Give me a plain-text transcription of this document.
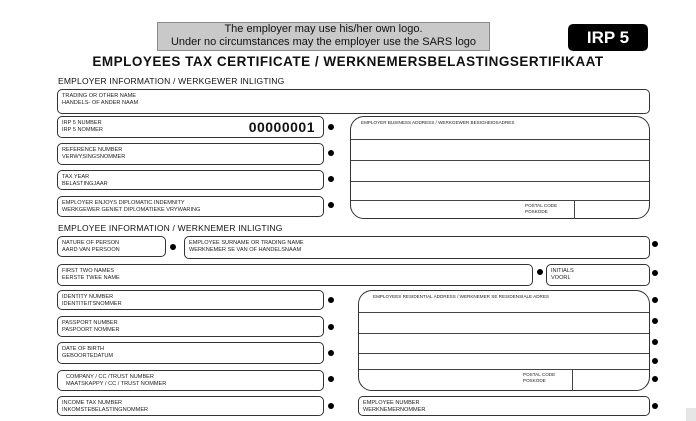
The employer may use his/her own logo.
Under no circumstances may the employer use the SARS logo	IRP 5
EMPLOYEES TAX CERTIFICATE / WERKNEMERSBELASTINGSERTIFIKAAT
EMPLOYER INFORMATION / WERKGEWER INLIGTING
TRADING OR OTHER NAME
HANDELS- OF ANDER NAAM
IRP 5 NUMBER
IRP 5 NOMMER	00000001
REFERENCE NUMBER
VERWYSINGSNOMMER
TAX YEAR
BELASTINGJAAR
EMPLOYER ENJOYS DIPLOMATIC INDEMNITY
WERKGEWER GENIET DIPLOMATIEKE VRYWARING
EMPLOYER BUSINESS ADDRESS / WERKGEWER BESIGHEIDSADRES
POSTAL CODE
POSKODE
EMPLOYEE INFORMATION / WERKNEMER INLIGTING
NATURE OF PERSON
AARD VAN PERSOON
EMPLOYEE SURNAME OR TRADING NAME
WERKNEMER SE VAN OF HANDELSNAAM
FIRST TWO NAMES
EERSTE TWEE NAME
INITIALS
VOORL
IDENTITY NUMBER
IDENTITEITSNOMMER
PASSPORT NUMBER
PASPOORT NOMMER
DATE OF BIRTH
GEBOORTEDATUM
COMPANY / CC /TRUST NUMBER
MAATSKAPPY / CC / TRUST NOMMER
INCOME TAX NUMBER
INKOMSTEBELASTINGNOMMER
EMPLOYEES RESIDENTIAL ADDRESS / WERKNEMER SE RESIDENSIALE ADRES
POSTAL CODE
POSKODE
EMPLOYEE NUMBER
WERKNEMERNOMMER
